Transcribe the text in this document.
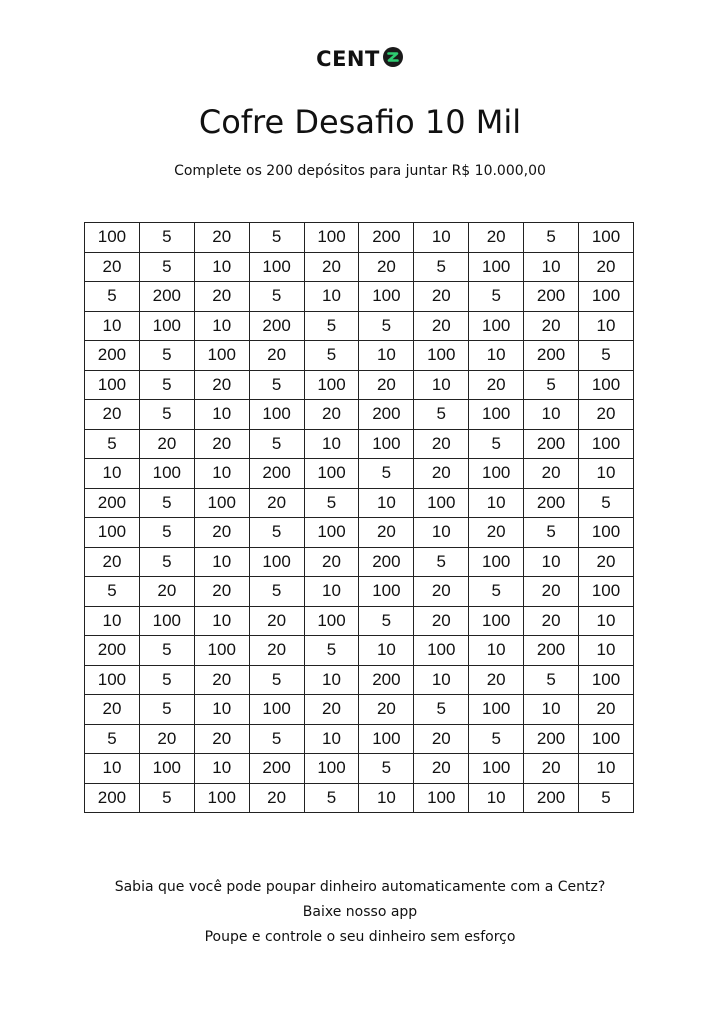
CENT
Cofre Desafio 10 Mil
Complete os 200 depósitos para juntar R$ 10.000,00
100	5	20	5	100	200	10	20	5	100
20	5	10	100	20	20	5	100	10	20
5	200	20	5	10	100	20	5	200	100
10	100	10	200	5	5	20	100	20	10
200	5	100	20	5	10	100	10	200	5
100	5	20	5	100	20	10	20	5	100
20	5	10	100	20	200	5	100	10	20
5	20	20	5	10	100	20	5	200	100
10	100	10	200	100	5	20	100	20	10
200	5	100	20	5	10	100	10	200	5
100	5	20	5	100	20	10	20	5	100
20	5	10	100	20	200	5	100	10	20
5	20	20	5	10	100	20	5	20	100
10	100	10	20	100	5	20	100	20	10
200	5	100	20	5	10	100	10	200	10
100	5	20	5	10	200	10	20	5	100
20	5	10	100	20	20	5	100	10	20
5	20	20	5	10	100	20	5	200	100
10	100	10	200	100	5	20	100	20	10
200	5	100	20	5	10	100	10	200	5
Sabia que você pode poupar dinheiro automaticamente com a Centz?
Baixe nosso app
Poupe e controle o seu dinheiro sem esforço
